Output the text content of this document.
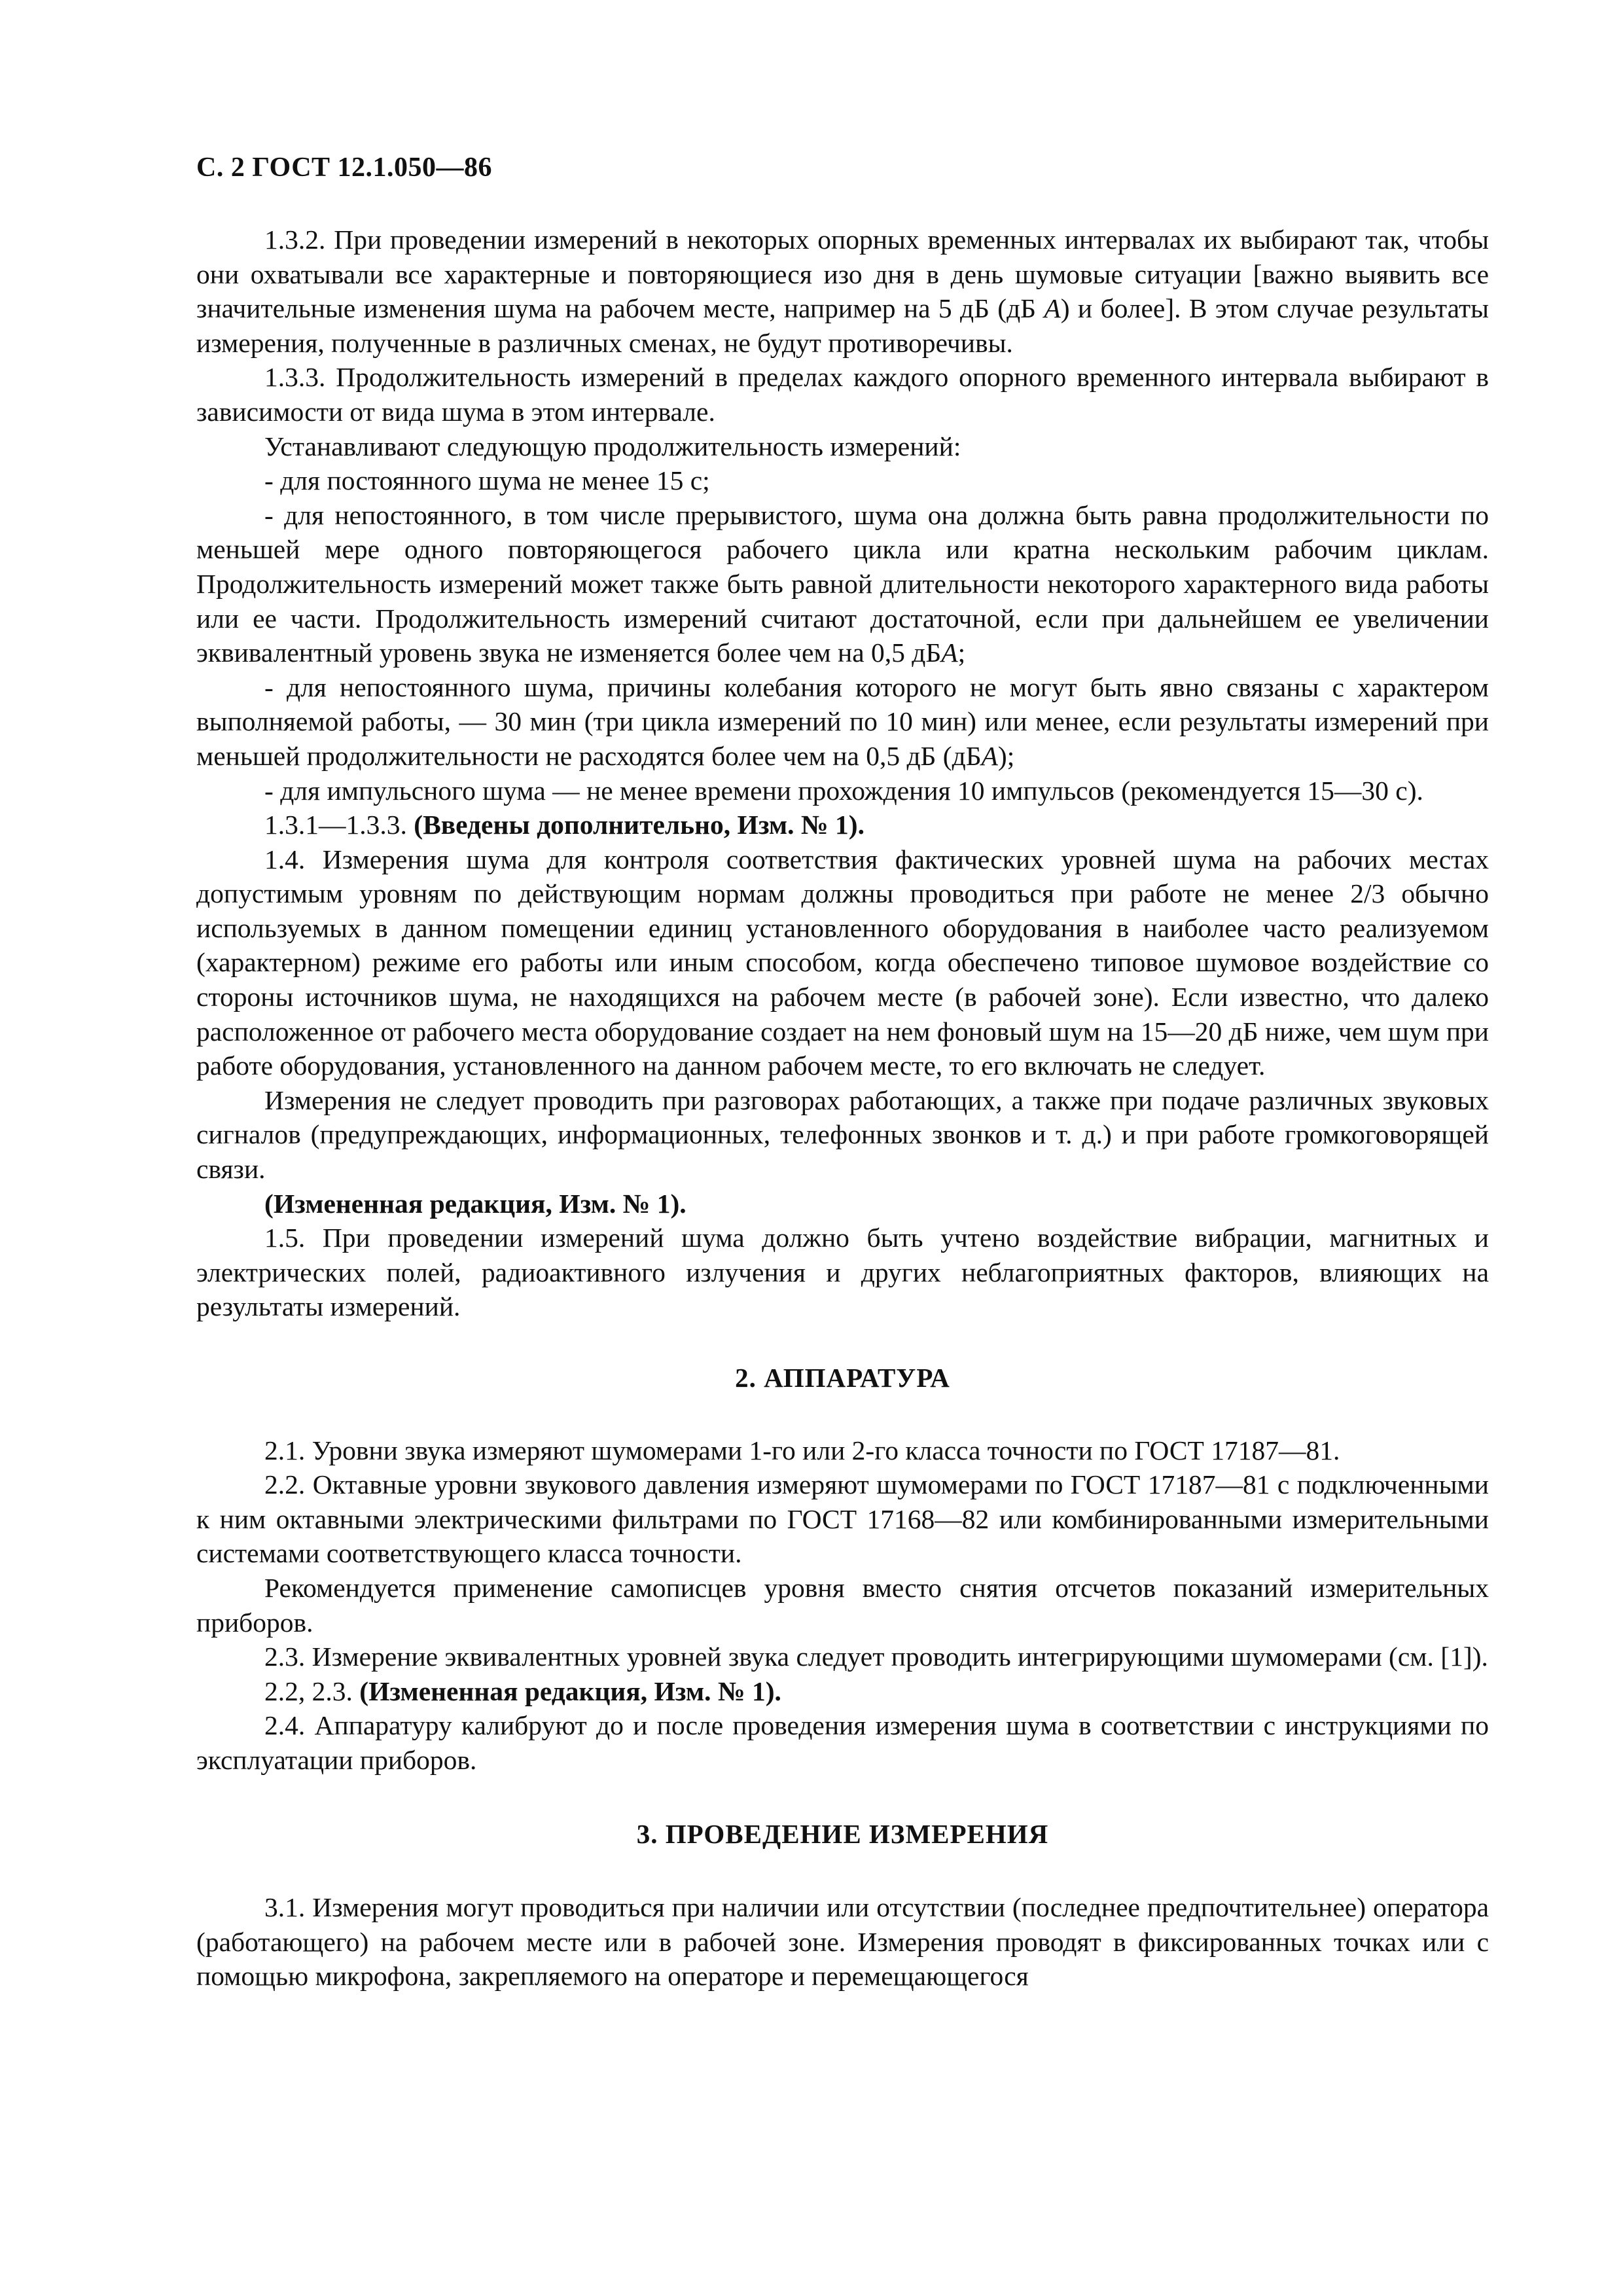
С. 2 ГОСТ 12.1.050—86

1.3.2. При проведении измерений в некоторых опорных временных интервалах их выбирают так, чтобы они охватывали все характерные и повторяющиеся изо дня в день шумовые ситуации [важно выявить все значительные изменения шума на рабочем месте, например на 5 дБ (дБ А) и более]. В этом случае результаты измерения, полученные в различных сменах, не будут противоречивы.

1.3.3. Продолжительность измерений в пределах каждого опорного временного интервала выбирают в зависимости от вида шума в этом интервале.

Устанавливают следующую продолжительность измерений:

- для постоянного шума не менее 15 с;

- для непостоянного, в том числе прерывистого, шума она должна быть равна продолжительности по меньшей мере одного повторяющегося рабочего цикла или кратна нескольким рабочим циклам. Продолжительность измерений может также быть равной длительности некоторого характерного вида работы или ее части. Продолжительность измерений считают достаточной, если при дальнейшем ее увеличении эквивалентный уровень звука не изменяется более чем на 0,5 дБА;

- для непостоянного шума, причины колебания которого не могут быть явно связаны с характером выполняемой работы, — 30 мин (три цикла измерений по 10 мин) или менее, если результаты измерений при меньшей продолжительности не расходятся более чем на 0,5 дБ (дБА);

- для импульсного шума — не менее времени прохождения 10 импульсов (рекомендуется 15—30 с).

1.3.1—1.3.3. (Введены дополнительно, Изм. № 1).

1.4. Измерения шума для контроля соответствия фактических уровней шума на рабочих местах допустимым уровням по действующим нормам должны проводиться при работе не менее 2/3 обычно используемых в данном помещении единиц установленного оборудования в наиболее часто реализуемом (характерном) режиме его работы или иным способом, когда обеспечено типовое шумовое воздействие со стороны источников шума, не находящихся на рабочем месте (в рабочей зоне). Если известно, что далеко расположенное от рабочего места оборудование создает на нем фоновый шум на 15—20 дБ ниже, чем шум при работе оборудования, установленного на данном рабочем месте, то его включать не следует.

Измерения не следует проводить при разговорах работающих, а также при подаче различных звуковых сигналов (предупреждающих, информационных, телефонных звонков и т. д.) и при работе громкоговорящей связи.

(Измененная редакция, Изм. № 1).

1.5. При проведении измерений шума должно быть учтено воздействие вибрации, магнитных и электрических полей, радиоактивного излучения и других неблагоприятных факторов, влияющих на результаты измерений.

2. АППАРАТУРА

2.1. Уровни звука измеряют шумомерами 1-го или 2-го класса точности по ГОСТ 17187—81.

2.2. Октавные уровни звукового давления измеряют шумомерами по ГОСТ 17187—81 с подключенными к ним октавными электрическими фильтрами по ГОСТ 17168—82 или комбинированными измерительными системами соответствующего класса точности.

Рекомендуется применение самописцев уровня вместо снятия отсчетов показаний измерительных приборов.

2.3. Измерение эквивалентных уровней звука следует проводить интегрирующими шумомерами (см. [1]).

2.2, 2.3. (Измененная редакция, Изм. № 1).

2.4. Аппаратуру калибруют до и после проведения измерения шума в соответствии с инструкциями по эксплуатации приборов.

3. ПРОВЕДЕНИЕ ИЗМЕРЕНИЯ

3.1. Измерения могут проводиться при наличии или отсутствии (последнее предпочтительнее) оператора (работающего) на рабочем месте или в рабочей зоне. Измерения проводят в фиксированных точках или с помощью микрофона, закрепляемого на операторе и перемещающегося
